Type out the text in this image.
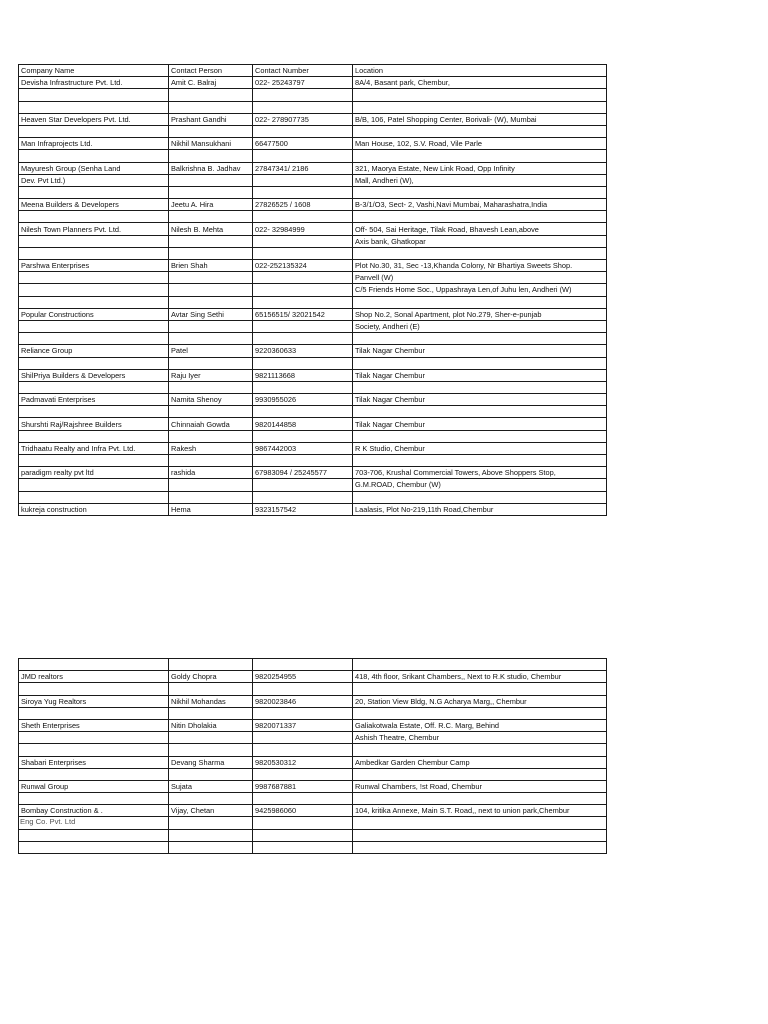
Company Name	Contact Person	Contact Number	Location
Devisha Infrastructure Pvt. Ltd.	Amit C. Balraj	022- 25243797	8A/4, Basant park, Chembur,

Heaven Star Developers Pvt. Ltd.	Prashant Gandhi	022- 278907735	B/B, 106, Patel Shopping Center, Borivali- (W), Mumbai

Man Infraprojects Ltd.	Nikhil Mansukhani	66477500	Man House, 102, S.V. Road, Vile Parle

Mayuresh Group (Senha Land	Balkrishna B. Jadhav	27847341/ 2186	321, Maorya Estate, New Link Road, Opp Infinity
Dev. Pvt Ltd.)			Mall, Andheri (W),

Meena Builders & Developers	Jeetu A. Hira	27826525 / 1608	B-3/1/O3, Sect- 2, Vashi,Navi Mumbai, Maharashatra,India

Nilesh Town Planners Pvt. Ltd.	Nilesh B. Mehta	022- 32984999	Off- 504, Sai Heritage, Tilak Road, Bhavesh Lean,above
			Axis bank, Ghatkopar

Parshwa Enterprises	Brien Shah	022-252135324	Plot No.30, 31, Sec -13,Khanda Colony, Nr Bhartiya Sweets Shop.
			Panvell (W)
			C/5 Friends Home Soc., Uppashraya Len,of Juhu len, Andheri (W)

Popular Constructions	Avtar Sing Sethi	65156515/ 32021542	Shop No.2, Sonal Apartment, plot No.279, Sher-e-punjab
			Society, Andheri (E)

Reliance Group	Patel	9220360633	Tilak Nagar Chembur

ShilPriya Builders & Developers	Raju Iyer	9821113668	Tilak Nagar Chembur

Padmavati Enterprises	Namita Shenoy	9930955026	Tilak Nagar Chembur

Shurshti Raj/Rajshree Builders	Chinnaiah Gowda	9820144858	Tilak Nagar Chembur

Tridhaatu Realty and Infra Pvt. Ltd.	Rakesh	9867442003	R K Studio, Chembur

paradigm realty pvt ltd	rashida	67983094 / 25245577	703-706, Krushal Commercial Towers, Above Shoppers Stop,
			G.M.ROAD, Chembur (W)

kukreja construction	Hema	9323157542	Laalasis, Plot No-219,11th Road,Chembur

JMD realtors	Goldy Chopra	9820254955	418, 4th floor, Srikant Chambers,, Next to R.K studio, Chembur

Siroya Yug Realtors	Nikhil Mohandas	9820023846	20, Station View Bldg, N.G Acharya Marg,, Chembur

Sheth Enterprises	Nitin Dholakia	9820071337	Galiakotwala Estate, Off. R.C. Marg, Behind
			Ashish Theatre, Chembur

Shabari Enterprises	Devang Sharma	9820530312	Ambedkar Garden Chembur Camp

Runwal Group	Sujata	9987687881	Runwal Chambers, !st Road, Chembur

Bombay Construction & .	Vijay, Chetan	9425986060	104, kritika Annexe, Main S.T. Road,, next to union park,Chembur

Eng Co. Pvt. Ltd
